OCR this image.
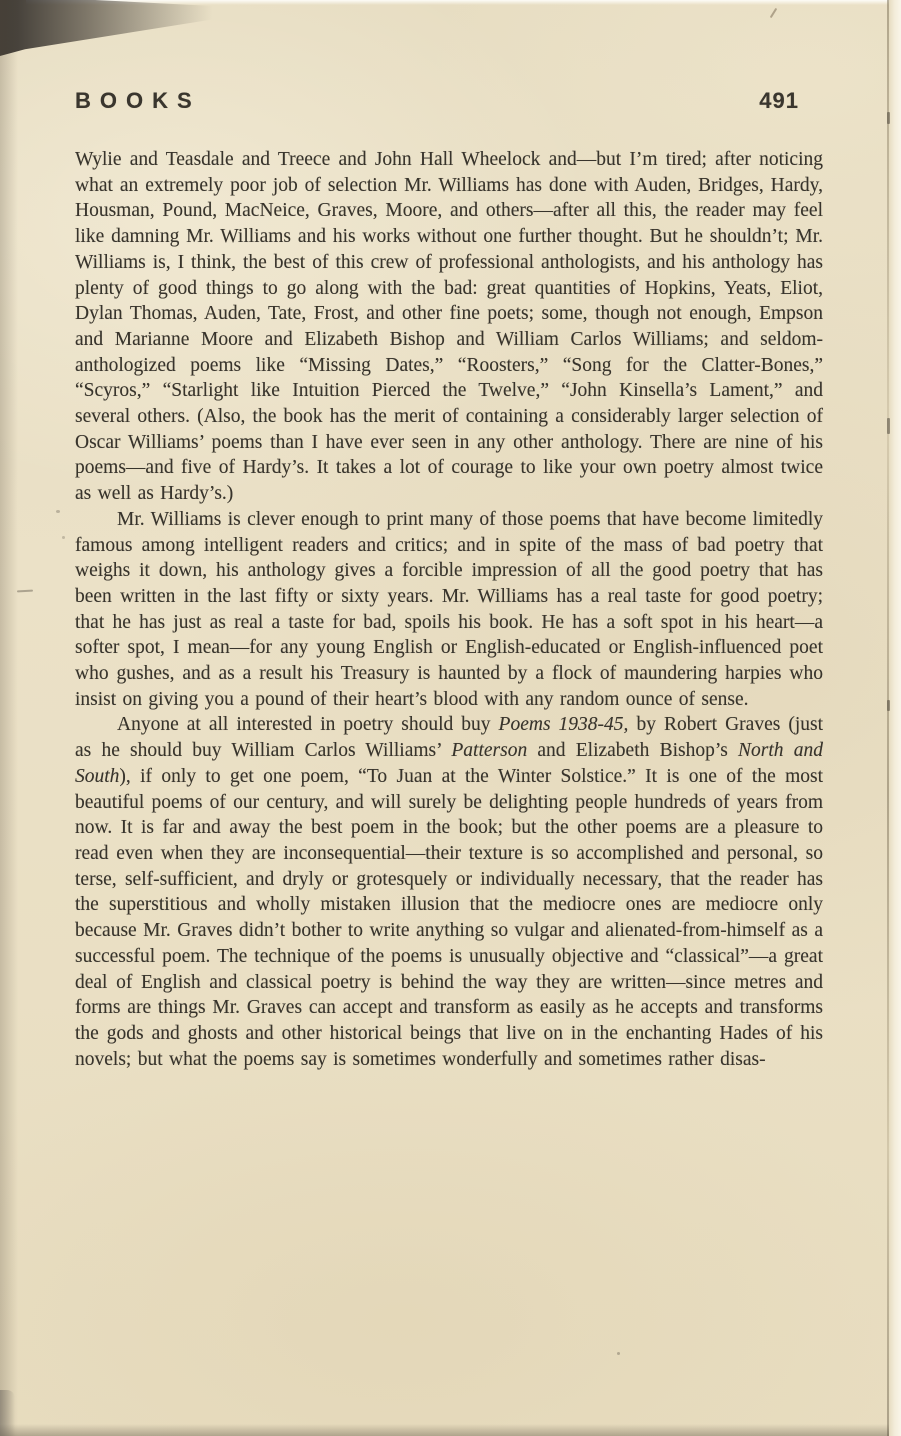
BOOKS	491

Wylie and Teasdale and Treece and John Hall Wheelock and—but I’m tired; after noticing what an extremely poor job of selection Mr. Williams has done with Auden, Bridges, Hardy, Housman, Pound, MacNeice, Graves, Moore, and others—after all this, the reader may feel like damning Mr. Williams and his works without one further thought. But he shouldn’t; Mr. Williams is, I think, the best of this crew of professional anthologists, and his anthology has plenty of good things to go along with the bad: great quantities of Hopkins, Yeats, Eliot, Dylan Thomas, Auden, Tate, Frost, and other fine poets; some, though not enough, Empson and Marianne Moore and Elizabeth Bishop and William Carlos Williams; and seldom-anthologized poems like “Missing Dates,” “Roosters,” “Song for the Clatter-Bones,” “Scyros,” “Starlight like Intuition Pierced the Twelve,” “John Kinsella’s Lament,” and several others. (Also, the book has the merit of containing a considerably larger selection of Oscar Williams’ poems than I have ever seen in any other anthology. There are nine of his poems—and five of Hardy’s. It takes a lot of courage to like your own poetry almost twice as well as Hardy’s.)

Mr. Williams is clever enough to print many of those poems that have become limitedly famous among intelligent readers and critics; and in spite of the mass of bad poetry that weighs it down, his anthology gives a forcible impression of all the good poetry that has been written in the last fifty or sixty years. Mr. Williams has a real taste for good poetry; that he has just as real a taste for bad, spoils his book. He has a soft spot in his heart—a softer spot, I mean—for any young English or English-educated or English-influenced poet who gushes, and as a result his Treasury is haunted by a flock of maundering harpies who insist on giving you a pound of their heart’s blood with any random ounce of sense.

Anyone at all interested in poetry should buy Poems 1938-45, by Robert Graves (just as he should buy William Carlos Williams’ Patterson and Elizabeth Bishop’s North and South), if only to get one poem, “To Juan at the Winter Solstice.” It is one of the most beautiful poems of our century, and will surely be delighting people hundreds of years from now. It is far and away the best poem in the book; but the other poems are a pleasure to read even when they are inconsequential—their texture is so accomplished and personal, so terse, self-sufficient, and dryly or grotesquely or individually necessary, that the reader has the superstitious and wholly mistaken illusion that the mediocre ones are mediocre only because Mr. Graves didn’t bother to write anything so vulgar and alienated-from-himself as a successful poem. The technique of the poems is unusually objective and “classical”—a great deal of English and classical poetry is behind the way they are written—since metres and forms are things Mr. Graves can accept and transform as easily as he accepts and transforms the gods and ghosts and other historical beings that live on in the enchanting Hades of his novels; but what the poems say is sometimes wonderfully and sometimes rather disas-
